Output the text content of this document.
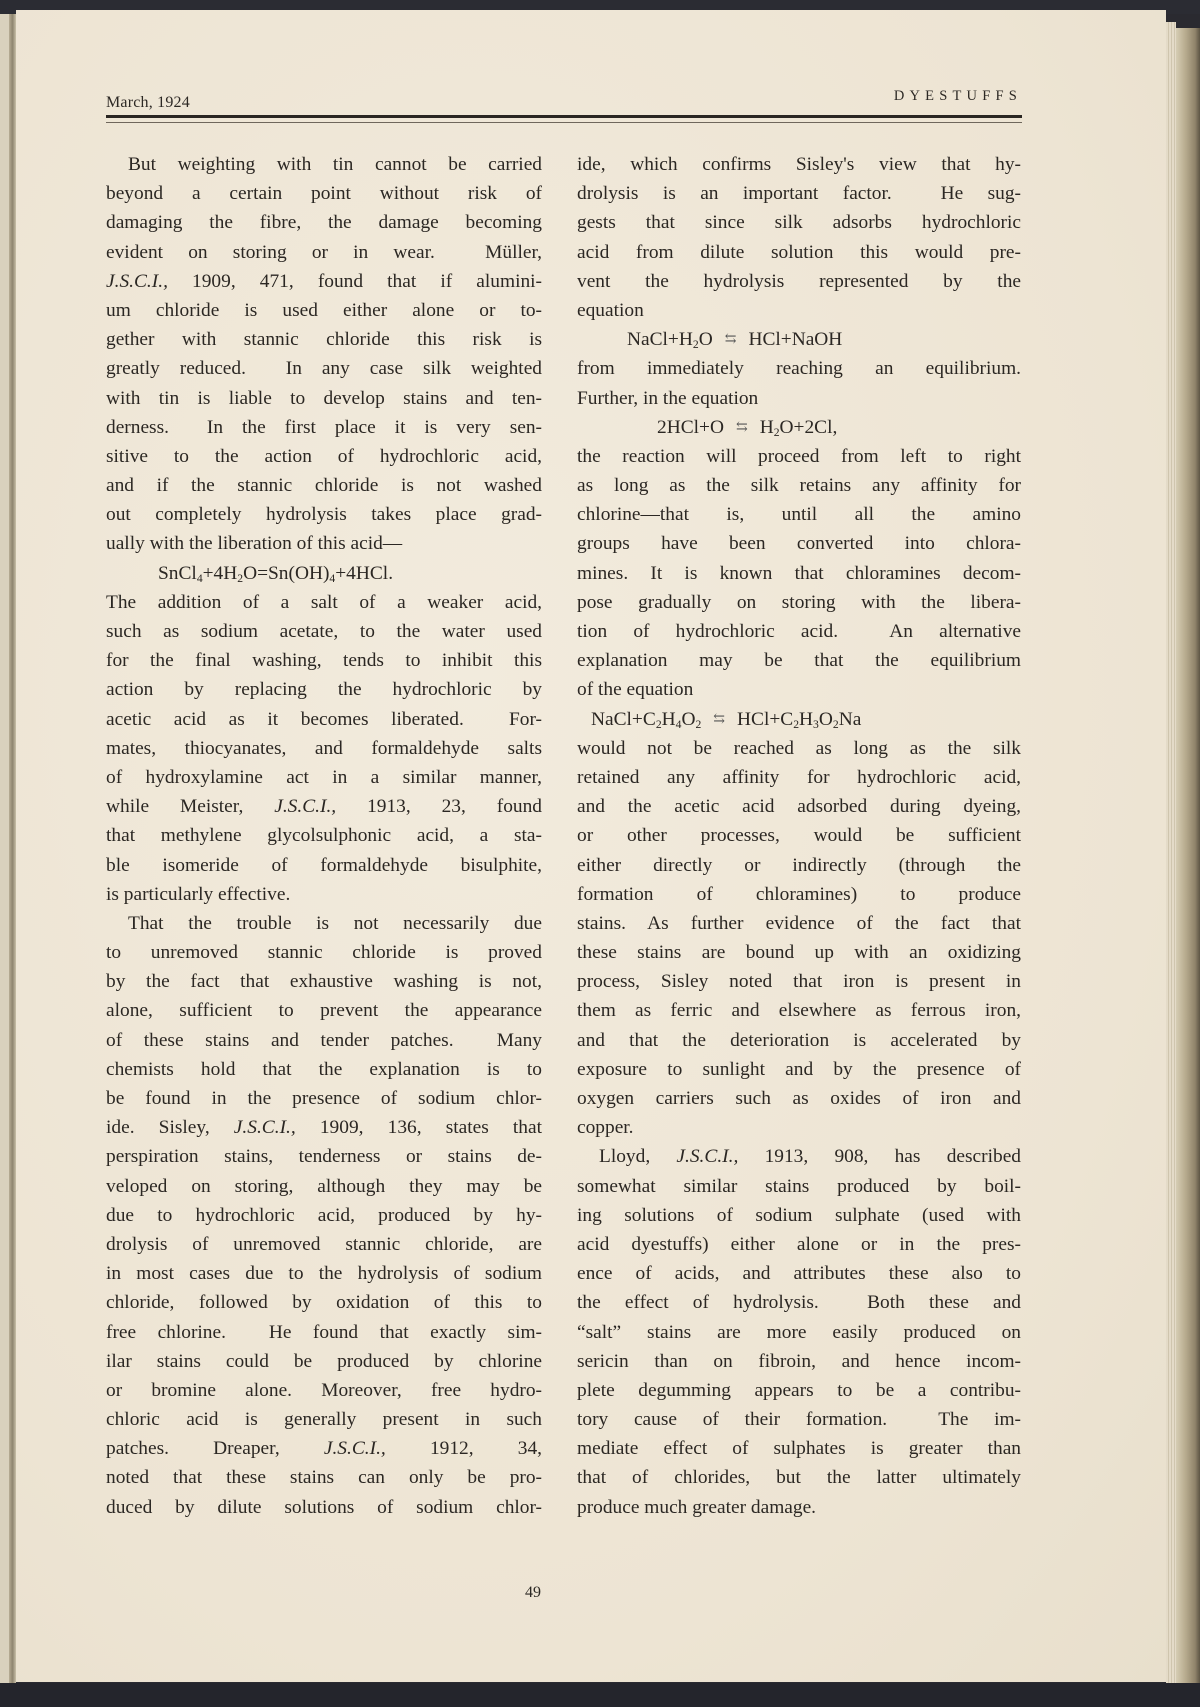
March, 1924	DYESTUFFS
But weighting with tin cannot be carried
beyond a certain point without risk of
damaging the fibre, the damage becoming
evident on storing or in wear.  Müller,
J.S.C.I., 1909, 471, found that if alumini-
um chloride is used either alone or to-
gether with stannic chloride this risk is
greatly reduced.  In any case silk weighted
with tin is liable to develop stains and ten-
derness.  In the first place it is very sen-
sitive to the action of hydrochloric acid,
and if the stannic chloride is not washed
out completely hydrolysis takes place grad-
ually with the liberation of this acid—
$SnCl_4+4H_2O=Sn(OH)_4+4HCl$.
The addition of a salt of a weaker acid,
such as sodium acetate, to the water used
for the final washing, tends to inhibit this
action by replacing the hydrochloric by
acetic acid as it becomes liberated.  For-
mates, thiocyanates, and formaldehyde salts
of hydroxylamine act in a similar manner,
while Meister, J.S.C.I., 1913, 23, found
that methylene glycolsulphonic acid, a sta-
ble isomeride of formaldehyde bisulphite,
is particularly effective.
That the trouble is not necessarily due
to unremoved stannic chloride is proved
by the fact that exhaustive washing is not,
alone, sufficient to prevent the appearance
of these stains and tender patches.  Many
chemists hold that the explanation is to
be found in the presence of sodium chlor-
ide. Sisley, J.S.C.I., 1909, 136, states that
perspiration stains, tenderness or stains de-
veloped on storing, although they may be
due to hydrochloric acid, produced by hy-
drolysis of unremoved stannic chloride, are
in most cases due to the hydrolysis of sodium
chloride, followed by oxidation of this to
free chlorine.  He found that exactly sim-
ilar stains could be produced by chlorine
or bromine alone. Moreover, free hydro-
chloric acid is generally present in such
patches. Dreaper, J.S.C.I., 1912, 34,
noted that these stains can only be pro-
duced by dilute solutions of sodium chlor-
ide, which confirms Sisley's view that hy-
drolysis is an important factor.  He sug-
gests that since silk adsorbs hydrochloric
acid from dilute solution this would pre-
vent the hydrolysis represented by the
equation
$NaCl+H_2O$ ⇆ HCl+NaOH
from immediately reaching an equilibrium.
Further, in the equation
2HCl+O ⇆ $H_2O+2Cl$,
the reaction will proceed from left to right
as long as the silk retains any affinity for
chlorine—that is, until all the amino
groups have been converted into chlora-
mines. It is known that chloramines decom-
pose gradually on storing with the libera-
tion of hydrochloric acid.  An alternative
explanation may be that the equilibrium
of the equation
$NaCl+C_2H_4O_2$ ⇆ $HCl+C_2H_3O_2Na$
would not be reached as long as the silk
retained any affinity for hydrochloric acid,
and the acetic acid adsorbed during dyeing,
or other processes, would be sufficient
either directly or indirectly (through the
formation of chloramines) to produce
stains. As further evidence of the fact that
these stains are bound up with an oxidizing
process, Sisley noted that iron is present in
them as ferric and elsewhere as ferrous iron,
and that the deterioration is accelerated by
exposure to sunlight and by the presence of
oxygen carriers such as oxides of iron and
copper.
Lloyd, J.S.C.I., 1913, 908, has described
somewhat similar stains produced by boil-
ing solutions of sodium sulphate (used with
acid dyestuffs) either alone or in the pres-
ence of acids, and attributes these also to
the effect of hydrolysis.  Both these and
“salt” stains are more easily produced on
sericin than on fibroin, and hence incom-
plete degumming appears to be a contribu-
tory cause of their formation.  The im-
mediate effect of sulphates is greater than
that of chlorides, but the latter ultimately
produce much greater damage.
49
